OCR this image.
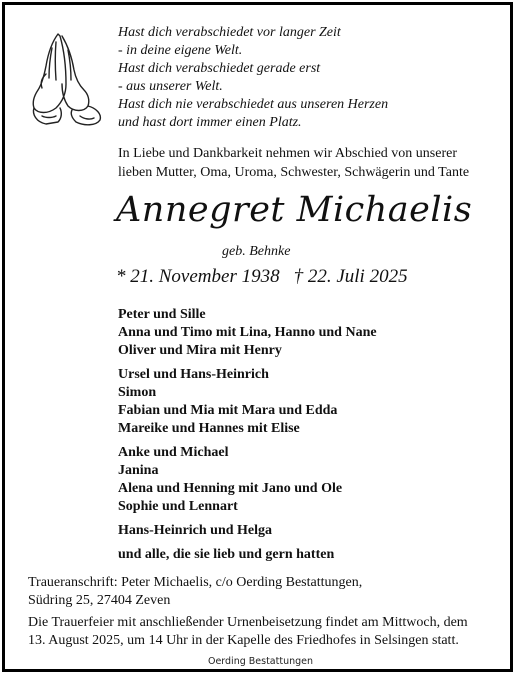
Hast dich verabschiedet vor langer Zeit
- in deine eigene Welt.
Hast dich verabschiedet gerade erst
- aus unserer Welt.
Hast dich nie verabschiedet aus unseren Herzen
und hast dort immer einen Platz.
In Liebe und Dankbarkeit nehmen wir Abschied von unserer
lieben Mutter, Oma, Uroma, Schwester, Schwägerin und Tante
Annegret Michaelis
geb. Behnke
* 21. November 1938 † 22. Juli 2025
Peter und Sille
Anna und Timo mit Lina, Hanno und Nane
Oliver und Mira mit Henry
Ursel und Hans-Heinrich
Simon
Fabian und Mia mit Mara und Edda
Mareike und Hannes mit Elise
Anke und Michael
Janina
Alena und Henning mit Jano und Ole
Sophie und Lennart
Hans-Heinrich und Helga
und alle, die sie lieb und gern hatten
Traueranschrift: Peter Michaelis, c/o Oerding Bestattungen,
Südring 25, 27404 Zeven
Die Trauerfeier mit anschließender Urnenbeisetzung findet am Mittwoch, dem
13. August 2025, um 14 Uhr in der Kapelle des Friedhofes in Selsingen statt.
Oerding Bestattungen
